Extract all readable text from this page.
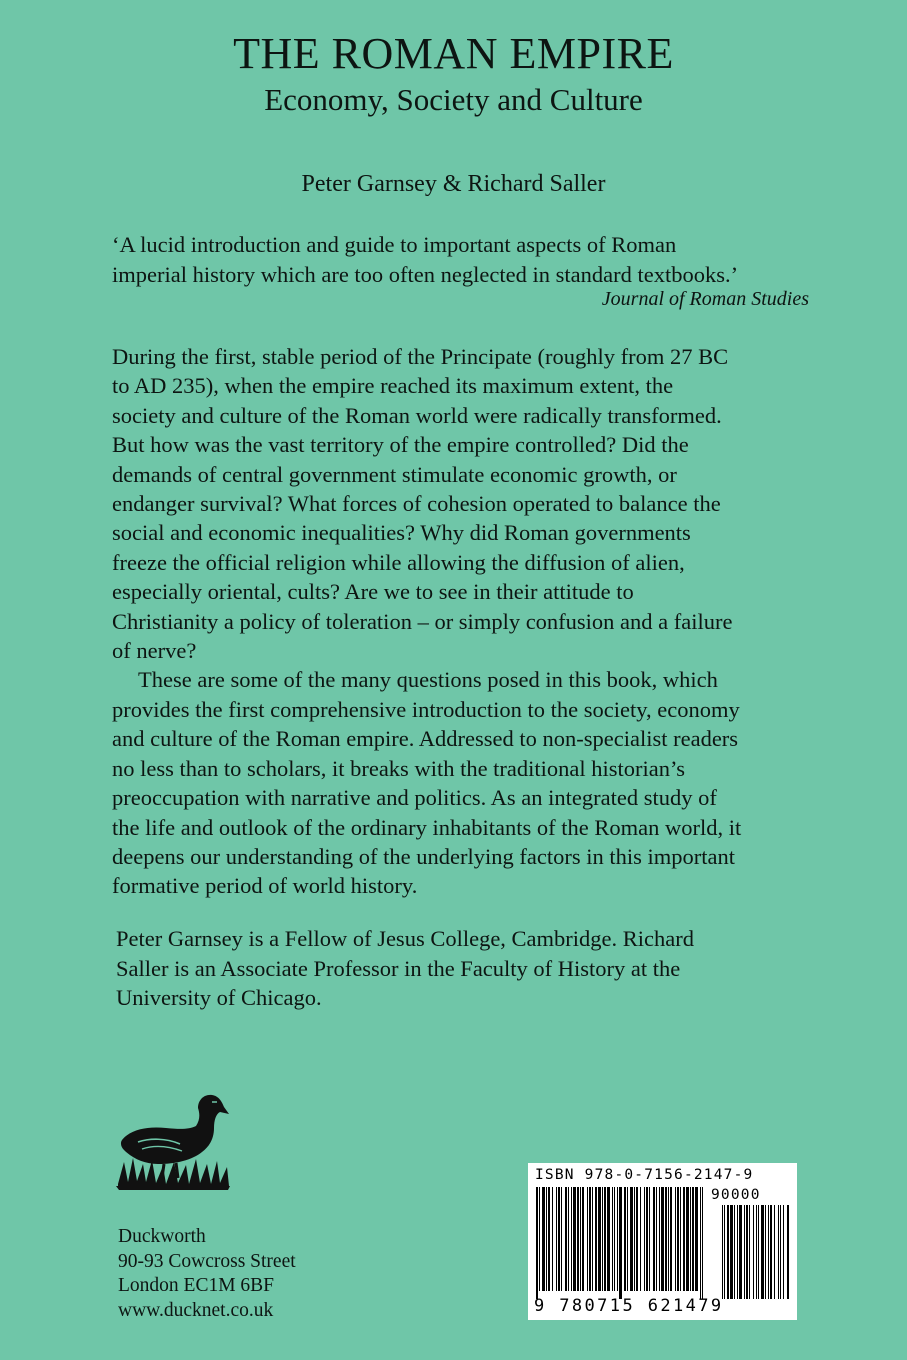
THE ROMAN EMPIRE
Economy, Society and Culture
Peter Garnsey & Richard Saller
‘A lucid introduction and guide to important aspects of Roman
imperial history which are too often neglected in standard textbooks.’
Journal of Roman Studies

During the first, stable period of the Principate (roughly from 27 BC
to AD 235), when the empire reached its maximum extent, the
society and culture of the Roman world were radically transformed.
But how was the vast territory of the empire controlled? Did the
demands of central government stimulate economic growth, or
endanger survival? What forces of cohesion operated to balance the
social and economic inequalities? Why did Roman governments
freeze the official religion while allowing the diffusion of alien,
especially oriental, cults? Are we to see in their attitude to
Christianity a policy of toleration – or simply confusion and a failure
of nerve?

These are some of the many questions posed in this book, which
provides the first comprehensive introduction to the society, economy
and culture of the Roman empire. Addressed to non-specialist readers
no less than to scholars, it breaks with the traditional historian’s
preoccupation with narrative and politics. As an integrated study of
the life and outlook of the ordinary inhabitants of the Roman world, it
deepens our understanding of the underlying factors in this important
formative period of world history.

Peter Garnsey is a Fellow of Jesus College, Cambridge. Richard
Saller is an Associate Professor in the Faculty of History at the
University of Chicago.
Duckworth
90-93 Cowcross Street
London EC1M 6BF
www.ducknet.co.uk
ISBN 978-0-7156-2147-9
90000
9 780715 621479
